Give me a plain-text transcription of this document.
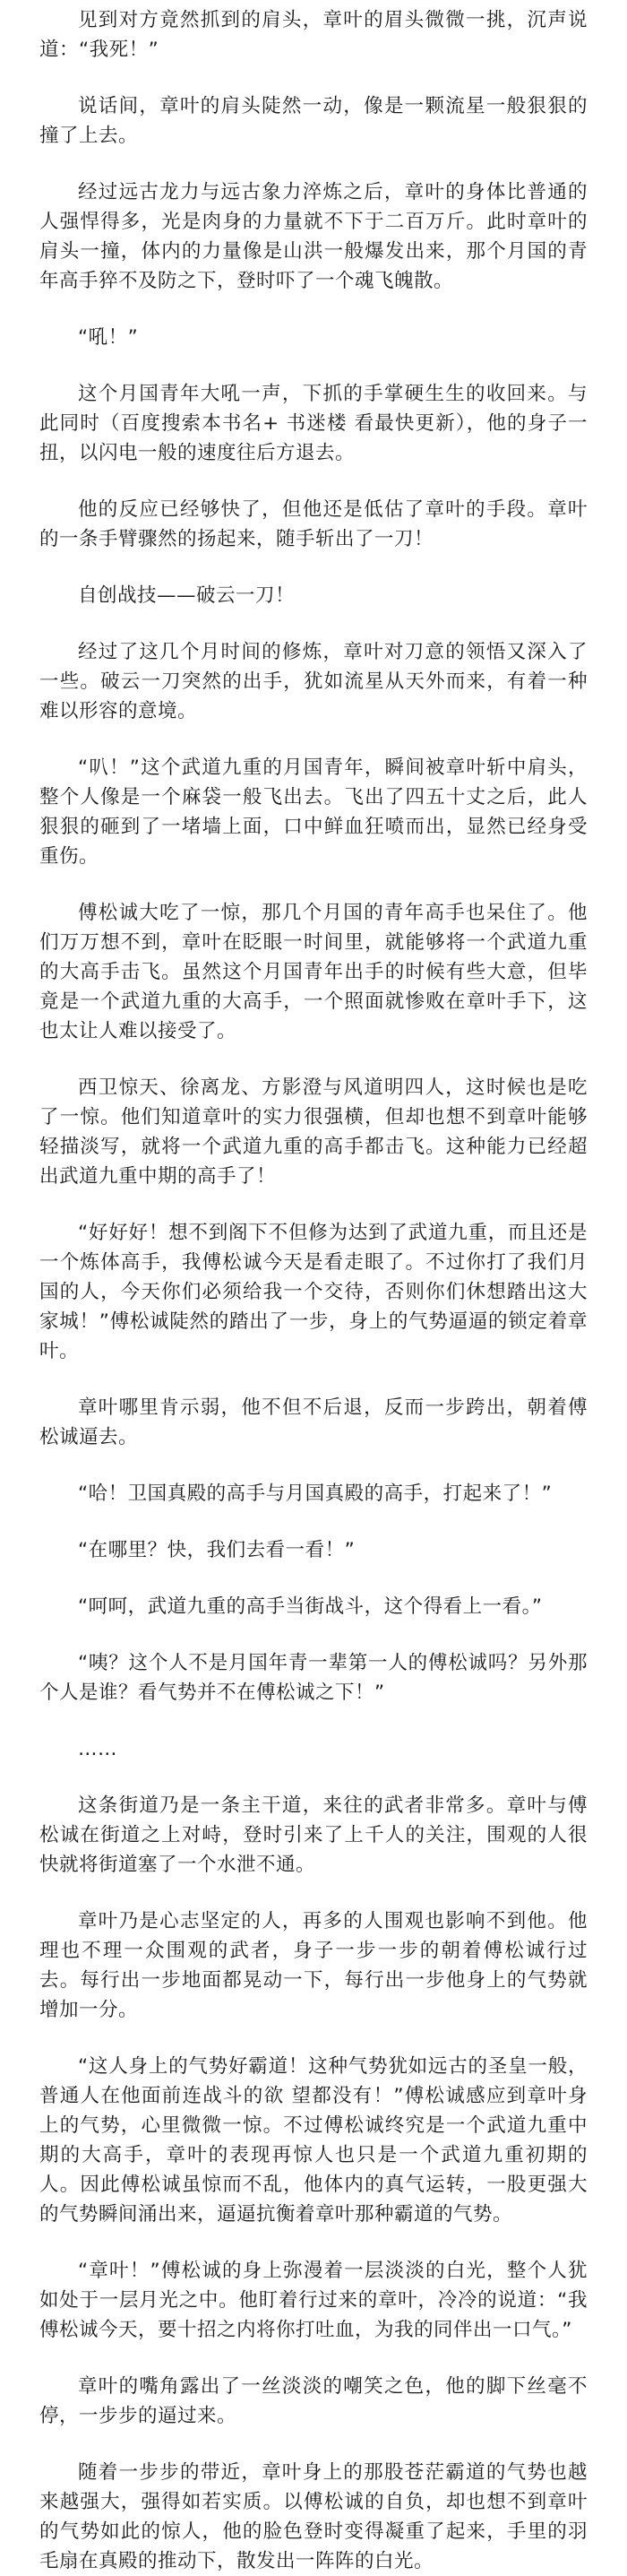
见到对方竟然抓到的肩头，章叶的眉头微微一挑，沉声说道：“我死！”

说话间，章叶的肩头陡然一动，像是一颗流星一般狠狠的撞了上去。

经过远古龙力与远古象力淬炼之后，章叶的身体比普通的人强悍得多，光是肉身的力量就不下于二百万斤。此时章叶的肩头一撞，体内的力量像是山洪一般爆发出来，那个月国的青年高手猝不及防之下，登时吓了一个魂飞魄散。

“吼！”

这个月国青年大吼一声，下抓的手掌硬生生的收回来。与此同时（百度搜索本书名+ 书迷楼 看最快更新），他的身子一扭，以闪电一般的速度往后方退去。

他的反应已经够快了，但他还是低估了章叶的手段。章叶的一条手臂骤然的扬起来，随手斩出了一刀！

自创战技——破云一刀！

经过了这几个月时间的修炼，章叶对刀意的领悟又深入了一些。破云一刀突然的出手，犹如流星从天外而来，有着一种难以形容的意境。

“叭！”这个武道九重的月国青年，瞬间被章叶斩中肩头，整个人像是一个麻袋一般飞出去。飞出了四五十丈之后，此人狠狠的砸到了一堵墙上面，口中鲜血狂喷而出，显然已经身受重伤。

傅松诚大吃了一惊，那几个月国的青年高手也呆住了。他们万万想不到，章叶在眨眼一时间里，就能够将一个武道九重的大高手击飞。虽然这个月国青年出手的时候有些大意，但毕竟是一个武道九重的大高手，一个照面就惨败在章叶手下，这也太让人难以接受了。

西卫惊天、徐离龙、方影澄与风道明四人，这时候也是吃了一惊。他们知道章叶的实力很强横，但却也想不到章叶能够轻描淡写，就将一个武道九重的高手都击飞。这种能力已经超出武道九重中期的高手了！

“好好好！想不到阁下不但修为达到了武道九重，而且还是一个炼体高手，我傅松诚今天是看走眼了。不过你打了我们月国的人，今天你们必须给我一个交待，否则你们休想踏出这大家城！”傅松诚陡然的踏出了一步，身上的气势逼逼的锁定着章叶。

章叶哪里肯示弱，他不但不后退，反而一步跨出，朝着傅松诚逼去。

“哈！卫国真殿的高手与月国真殿的高手，打起来了！”

“在哪里？快，我们去看一看！”

“呵呵，武道九重的高手当街战斗，这个得看上一看。”

“咦？这个人不是月国年青一辈第一人的傅松诚吗？另外那个人是谁？看气势并不在傅松诚之下！”

……

这条街道乃是一条主干道，来往的武者非常多。章叶与傅松诚在街道之上对峙，登时引来了上千人的关注，围观的人很快就将街道塞了一个水泄不通。

章叶乃是心志坚定的人，再多的人围观也影响不到他。他理也不理一众围观的武者，身子一步一步的朝着傅松诚行过去。每行出一步地面都晃动一下，每行出一步他身上的气势就增加一分。

“这人身上的气势好霸道！这种气势犹如远古的圣皇一般，普通人在他面前连战斗的欲 望都没有！”傅松诚感应到章叶身上的气势，心里微微一惊。不过傅松诚终究是一个武道九重中期的大高手，章叶的表现再惊人也只是一个武道九重初期的人。因此傅松诚虽惊而不乱，他体内的真气运转，一股更强大的气势瞬间涌出来，逼逼抗衡着章叶那种霸道的气势。

“章叶！”傅松诚的身上弥漫着一层淡淡的白光，整个人犹如处于一层月光之中。他盯着行过来的章叶，冷冷的说道：“我傅松诚今天，要十招之内将你打吐血，为我的同伴出一口气。”

章叶的嘴角露出了一丝淡淡的嘲笑之色，他的脚下丝毫不停，一步步的逼过来。

随着一步步的带近，章叶身上的那股苍茫霸道的气势也越来越强大，强得如若实质。以傅松诚的自负，却也想不到章叶的气势如此的惊人，他的脸色登时变得凝重了起来，手里的羽毛扇在真殿的推动下，散发出一阵阵的白光。
